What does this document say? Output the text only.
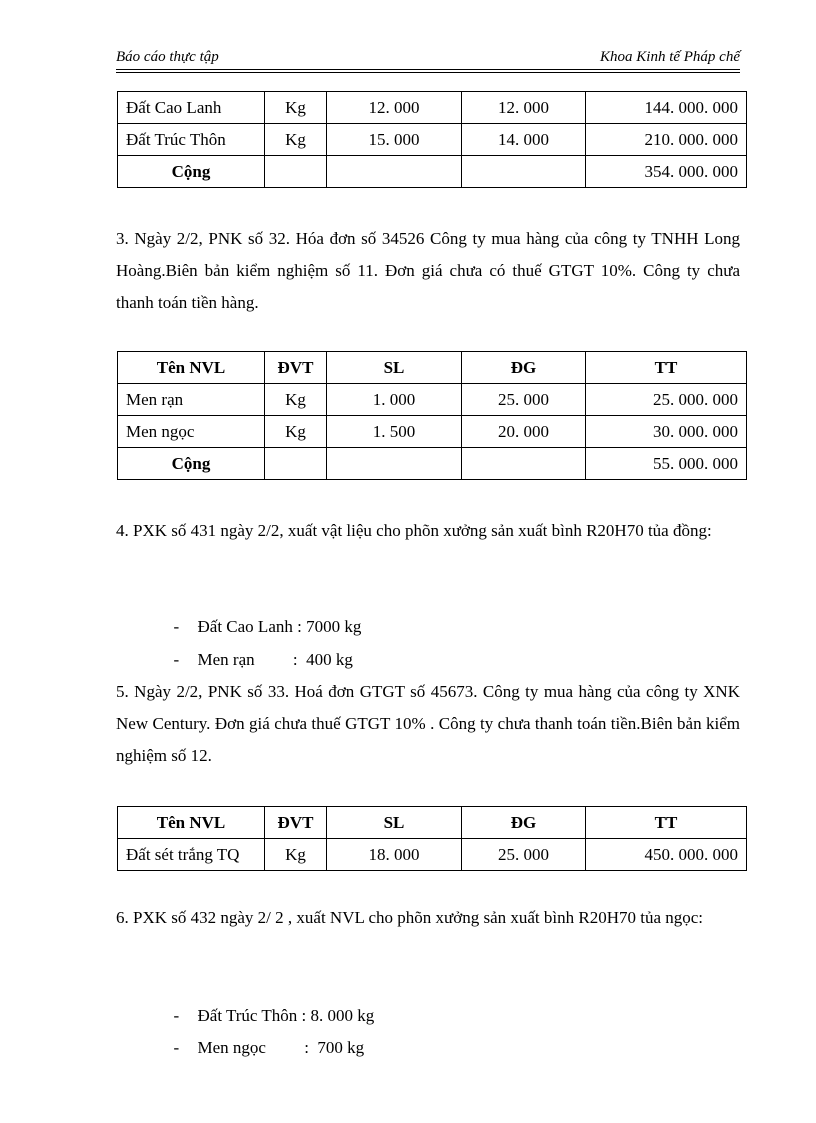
Báo cáo thực tập	Khoa Kinh tế Pháp chế
Đất Cao Lanh	Kg	12. 000	12. 000	144. 000. 000
Đất Trúc Thôn	Kg	15. 000	14. 000	210. 000. 000
Cộng				354. 000. 000
3. Ngày 2/2, PNK số 32. Hóa đơn số 34526 Công ty mua hàng của công ty TNHH Long Hoàng.Biên bản kiểm nghiệm số 11. Đơn giá chưa có thuế GTGT 10%. Công ty chưa thanh toán tiền hàng.
Tên NVL	ĐVT	SL	ĐG	TT
Men rạn	Kg	1. 000	25. 000	25. 000. 000
Men ngọc	Kg	1. 500	20. 000	30. 000. 000
Cộng				55. 000. 000
4. PXK số 431 ngày 2/2, xuất vật liệu cho phõn xưởng sản xuất bình R20H70 tủa đồng:

- Đất Cao Lanh : 7000 kg

- Men rạn         :  400 kg

5. Ngày 2/2, PNK số 33. Hoá đơn GTGT số 45673. Công ty mua hàng của công ty XNK New Century. Đơn giá chưa thuế GTGT 10% . Công ty chưa thanh toán tiền.Biên bản kiểm nghiệm số 12.
Tên NVL	ĐVT	SL	ĐG	TT
Đất sét trắng TQ	Kg	18. 000	25. 000	450. 000. 000
6. PXK số 432 ngày 2/ 2 , xuất NVL cho phõn xưởng sản xuất bình R20H70 tủa ngọc:

- Đất Trúc Thôn : 8. 000 kg

- Men ngọc         :  700 kg
